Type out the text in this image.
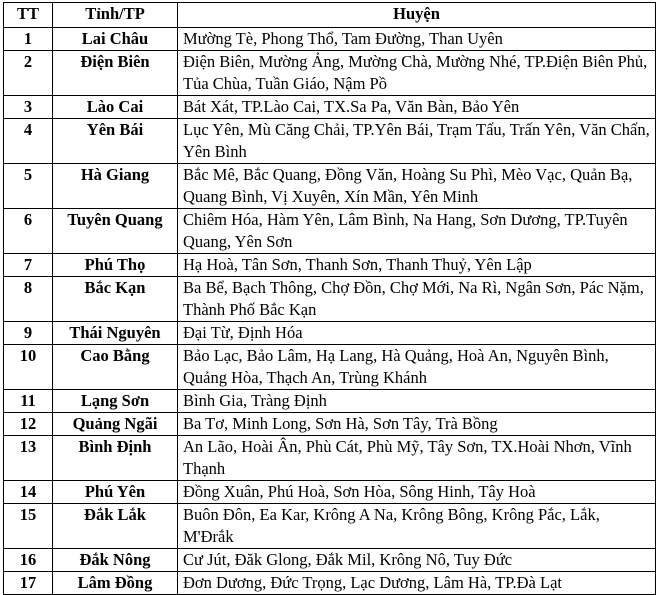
TT	Tỉnh/TP	Huyện
1	Lai Châu	Mường Tè, Phong Thổ, Tam Đường, Than Uyên
2	Điện Biên	Điện Biên, Mường Ảng, Mường Chà, Mường Nhé, TP.Điện Biên Phủ, Tủa Chùa, Tuần Giáo, Nậm Pồ
3	Lào Cai	Bát Xát, TP.Lào Cai, TX.Sa Pa, Văn Bàn, Bảo Yên
4	Yên Bái	Lục Yên, Mù Căng Chải, TP.Yên Bái, Trạm Tấu, Trấn Yên, Văn Chấn, Yên Bình
5	Hà Giang	Bắc Mê, Bắc Quang, Đồng Văn, Hoàng Su Phì, Mèo Vạc, Quản Bạ, Quang Bình, Vị Xuyên, Xín Mần, Yên Minh
6	Tuyên Quang	Chiêm Hóa, Hàm Yên, Lâm Bình, Na Hang, Sơn Dương, TP.Tuyên Quang, Yên Sơn
7	Phú Thọ	Hạ Hoà, Tân Sơn, Thanh Sơn, Thanh Thuỷ, Yên Lập
8	Bắc Kạn	Ba Bể, Bạch Thông, Chợ Đồn, Chợ Mới, Na Rì, Ngân Sơn, Pác Nặm, Thành Phố Bắc Kạn
9	Thái Nguyên	Đại Từ, Định Hóa
10	Cao Bằng	Bảo Lạc, Bảo Lâm, Hạ Lang, Hà Quảng, Hoà An, Nguyên Bình, Quảng Hòa, Thạch An, Trùng Khánh
11	Lạng Sơn	Bình Gia, Tràng Định
12	Quảng Ngãi	Ba Tơ, Minh Long, Sơn Hà, Sơn Tây, Trà Bồng
13	Bình Định	An Lão, Hoài Ân, Phù Cát, Phù Mỹ, Tây Sơn, TX.Hoài Nhơn, Vĩnh Thạnh
14	Phú Yên	Đồng Xuân, Phú Hoà, Sơn Hòa, Sông Hinh, Tây Hoà
15	Đắk Lắk	Buôn Đôn, Ea Kar, Krông A Na, Krông Bông, Krông Pắc, Lắk, M'Đrắk
16	Đắk Nông	Cư Jút, Đăk Glong, Đắk Mil, Krông Nô, Tuy Đức
17	Lâm Đồng	Đơn Dương, Đức Trọng, Lạc Dương, Lâm Hà, TP.Đà Lạt
